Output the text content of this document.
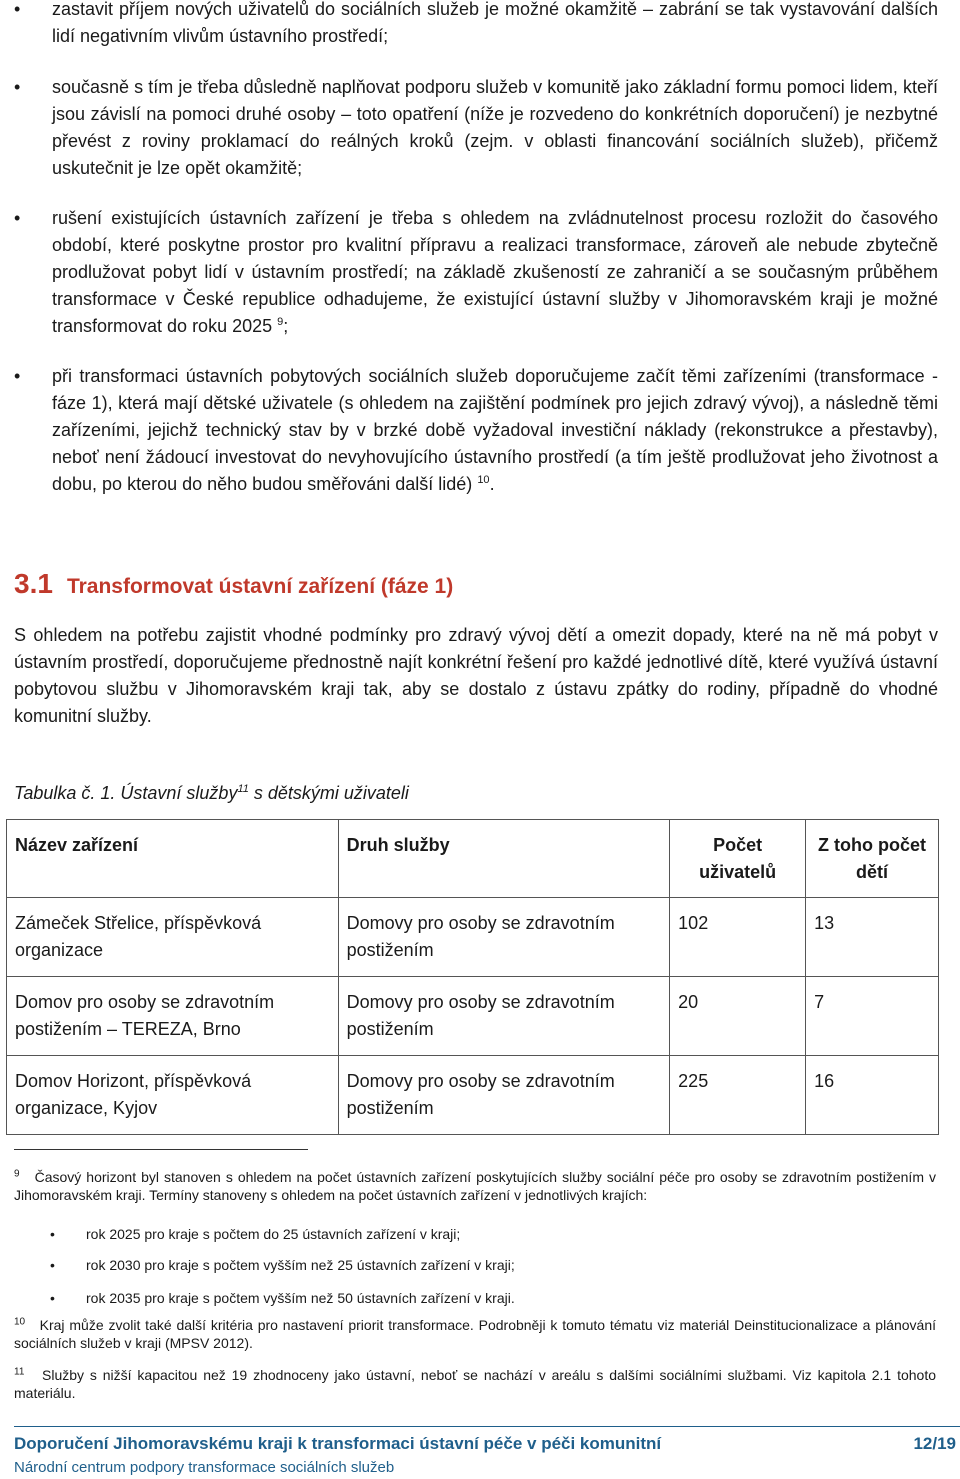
• zastavit příjem nových uživatelů do sociálních služeb je možné okamžitě – zabrání se tak vystavování dalších lidí negativním vlivům ústavního prostředí;
• současně s tím je třeba důsledně naplňovat podporu služeb v komunitě jako základní formu pomoci lidem, kteří jsou závislí na pomoci druhé osoby – toto opatření (níže je rozvedeno do konkrétních doporučení) je nezbytné převést z roviny proklamací do reálných kroků (zejm. v oblasti financování sociálních služeb), přičemž uskutečnit je lze opět okamžitě;
• rušení existujících ústavních zařízení je třeba s ohledem na zvládnutelnost procesu rozložit do časového období, které poskytne prostor pro kvalitní přípravu a realizaci transformace, zároveň ale nebude zbytečně prodlužovat pobyt lidí v ústavním prostředí; na základě zkušeností ze zahraničí a se současným průběhem transformace v České republice odhadujeme, že existující ústavní služby v Jihomoravském kraji je možné transformovat do roku 2025 $^9$;
• při transformaci ústavních pobytových sociálních služeb doporučujeme začít těmi zařízeními (transformace - fáze 1), která mají dětské uživatele (s ohledem na zajištění podmínek pro jejich zdravý vývoj), a následně těmi zařízeními, jejichž technický stav by v brzké době vyžadoval investiční náklady (rekonstrukce a přestavby), neboť není žádoucí investovat do nevyhovujícího ústavního prostředí (a tím ještě prodlužovat jeho životnost a dobu, po kterou do něho budou směřováni další lidé) $^{10}$.
3.1 Transformovat ústavní zařízení (fáze 1)
S ohledem na potřebu zajistit vhodné podmínky pro zdravý vývoj dětí a omezit dopady, které na ně má pobyt v ústavním prostředí, doporučujeme přednostně najít konkrétní řešení pro každé jednotlivé dítě, které využívá ústavní pobytovou službu v Jihomoravském kraji tak, aby se dostalo z ústavu zpátky do rodiny, případně do vhodné komunitní služby.
Tabulka č. 1. Ústavní služby$^{11}$ s dětskými uživateli
Název zařízení	Druh služby	Počet uživatelů	Z toho počet dětí
Zámeček Střelice, příspěvková organizace	Domovy pro osoby se zdravotním postižením	102	13
Domov pro osoby se zdravotním postižením – TEREZA, Brno	Domovy pro osoby se zdravotním postižením	20	7
Domov Horizont, příspěvková organizace, Kyjov	Domovy pro osoby se zdravotním postižením	225	16
$^9$ Časový horizont byl stanoven s ohledem na počet ústavních zařízení poskytujících služby sociální péče pro osoby se zdravotním postižením v Jihomoravském kraji. Termíny stanoveny s ohledem na počet ústavních zařízení v jednotlivých krajích:
• rok 2025 pro kraje s počtem do 25 ústavních zařízení v kraji;
• rok 2030 pro kraje s počtem vyšším než 25 ústavních zařízení v kraji;
• rok 2035 pro kraje s počtem vyšším než 50 ústavních zařízení v kraji.
$^{10}$ Kraj může zvolit také další kritéria pro nastavení priorit transformace. Podrobněji k tomuto tématu viz materiál Deinstitucionalizace a plánování sociálních služeb v kraji (MPSV 2012).
$^{11}$ Služby s nižší kapacitou než 19 zhodnoceny jako ústavní, neboť se nachází v areálu s dalšími sociálními službami. Viz kapitola 2.1 tohoto materiálu.
Doporučení Jihomoravskému kraji k transformaci ústavní péče v péči komunitní	12/19
Národní centrum podpory transformace sociálních služeb
